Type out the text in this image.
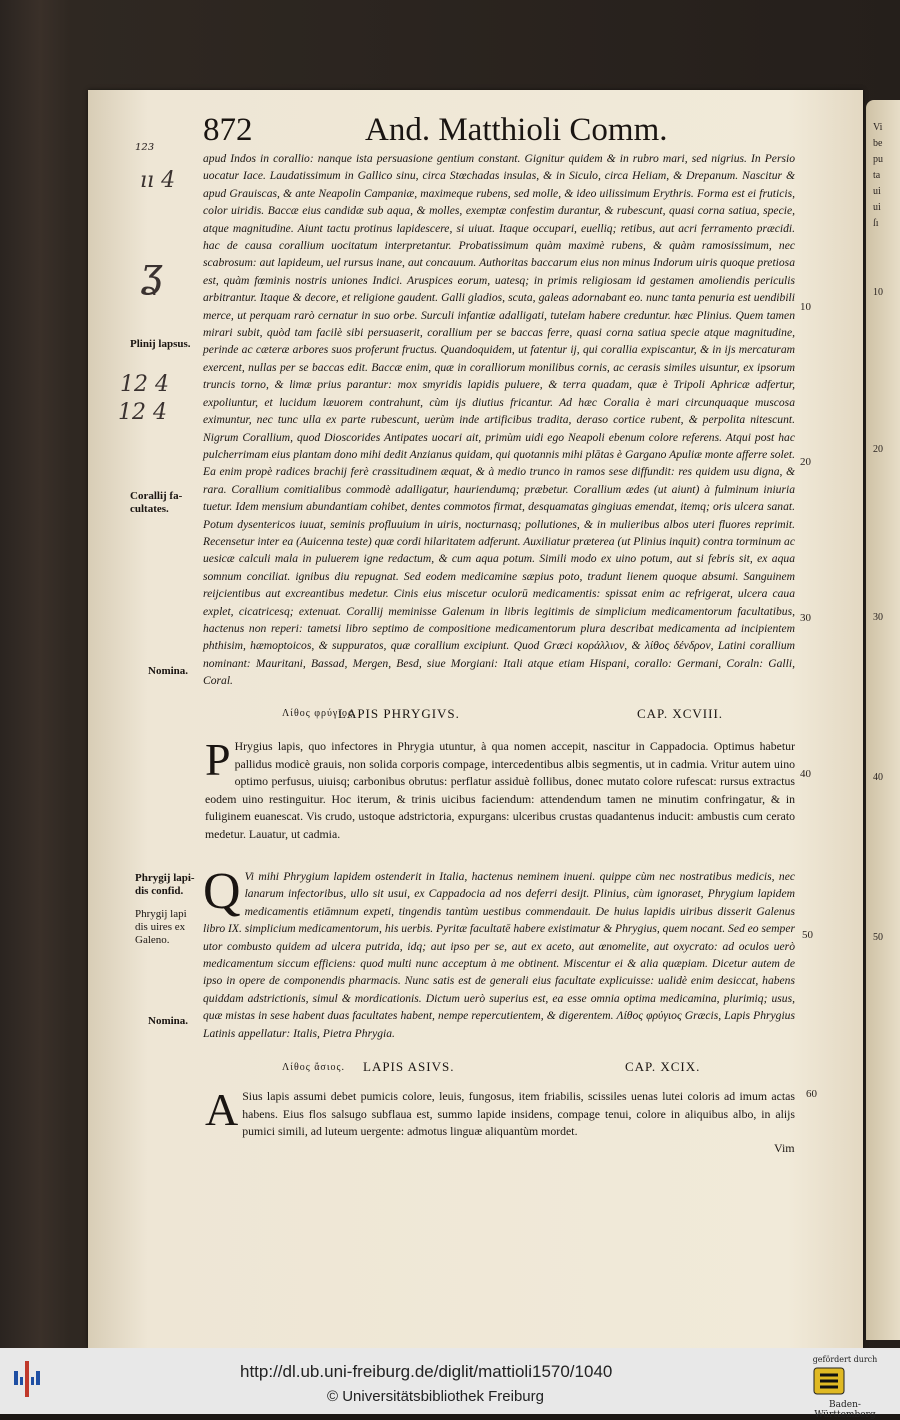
872	And. Matthioli Comm.
¹²³
ıı 4
ʓ
12 4
12 4
Plinij lapsus.
Corallij fa-
cultates.
Nomina.
Phrygij lapi-
dis confid.
Phrygij lapi
dis uires ex
Galeno.
Nomina.
10
20
30
40
50
60

apud Indos in corallio: nanque ista persuasione gentium constant. Gignitur quidem & in rubro mari, sed nigrius. In Persio uocatur Iace. Laudatissimum in Gallico sinu, circa Stœchadas insulas, & in Siculo, circa Heliam, & Drepanum. Nascitur & apud Grauiscas, & ante Neapolin Campaniæ, maximeque rubens, sed molle, & ideo uilissimum Erythris. Forma est ei fruticis, color uiridis. Baccæ eius candidæ sub aqua, & molles, exemptæ confestim durantur, & rubescunt, quasi corna satiua, specie, atque magnitudine. Aiunt tactu protinus lapidescere, si uiuat. Itaque occupari, euelliq; retibus, aut acri ferramento præcidi. hac de causa corallium uocitatum interpretantur. Probatissimum quàm maximè rubens, & quàm ramosissimum, nec scabrosum: aut lapideum, uel rursus inane, aut concauum. Authoritas baccarum eius non minus Indorum uiris quoque pretiosa est, quàm fœminis nostris uniones Indici. Aruspices eorum, uatesq; in primis religiosam id gestamen amoliendis periculis arbitrantur. Itaque & decore, et religione gaudent. Galli gladios, scuta, galeas adornabant eo. nunc tanta penuria est uendibili merce, ut perquam rarò cernatur in suo orbe. Surculi infantiæ adalligati, tutelam habere creduntur. hæc Plinius. Quem tamen mirari subit, quòd tam facilè sibi persuaserit, corallium per se baccas ferre, quasi corna satiua specie atque magnitudine, perinde ac cæteræ arbores suos proferunt fructus. Quandoquidem, ut fatentur ij, qui corallia expiscantur, & in ijs mercaturam exercent, nullas per se baccas edit. Baccæ enim, quæ in coralliorum monilibus cornis, ac cerasis similes uisuntur, ex ipsorum truncis torno, & limæ prius parantur: mox smyridis lapidis puluere, & terra quadam, quæ è Tripoli Aphricæ adfertur, expoliuntur, et lucidum læuorem contrahunt, cùm ijs diutius fricantur. Ad hæc Coralia è mari circunquaque muscosa eximuntur, nec tunc ulla ex parte rubescunt, uerùm inde artificibus tradita, deraso cortice rubent, & perpolita nitescunt. Nigrum Corallium, quod Dioscorides Antipates uocari ait, primùm uidi ego Neapoli ebenum colore referens. Atqui post hac pulcherrimam eius plantam dono mihi dedit Anzianus quidam, qui quotannis mihi plātas è Gargano Apuliæ monte afferre solet. Ea enim propè radices brachij ferè crassitudinem æquat, & à medio trunco in ramos sese diffundit: res quidem usu digna, & rara. Corallium comitialibus commodè adalligatur, hauriendumq; præbetur. Corallium ædes (ut aiunt) à fulminum iniuria tuetur. Idem mensium abundantiam cohibet, dentes commotos firmat, desquamatas gingiuas emendat, itemq; oris ulcera sanat. Potum dysentericos iuuat, seminis profluuium in uiris, nocturnasq; pollutiones, & in mulieribus albos uteri fluores reprimit. Recensetur inter ea (Auicenna teste) quæ cordi hilaritatem adferunt. Auxiliatur præterea (ut Plinius inquit) contra torminum ac uesicæ calculi mala in puluerem igne redactum, & cum aqua potum. Simili modo ex uino potum, aut si febris sit, ex aqua somnum conciliat. ignibus diu repugnat. Sed eodem medicamine sæpius poto, tradunt lienem quoque absumi. Sanguinem reijcientibus aut excreantibus medetur. Cinis eius miscetur oculorū medicamentis: spissat enim ac refrigerat, ulcera caua explet, cicatricesq; extenuat. Corallij meminisse Galenum in libris legitimis de simplicium medicamentorum facultatibus, hactenus non reperi: tametsi libro septimo de compositione medicamentorum plura describat medicamenta ad incipientem phthisim, hæmoptoicos, & suppuratos, quæ corallium excipiunt. Quod Græci κοράλλιον, & λίθος δένδρον, Latini corallium nominant: Mauritani, Bassad, Mergen, Besd, siue Morgiani: Itali atque etiam Hispani, corallo: Germani, Coraln: Galli, Coral.

Λίθος φρύγιος.
LAPIS PHRYGIVS.	CAP. XCVIII.

P Hrygius lapis, quo infectores in Phrygia utuntur, à qua nomen accepit, nascitur in Cappadocia. Optimus habetur pallidus modicè grauis, non solida corporis compage, intercedentibus albis segmentis, ut in cadmia. Vritur autem uino optimo perfusus, uiuisq; carbonibus obrutus: perflatur assiduè follibus, donec mutato colore rufescat: rursus extractus eodem uino restinguitur. Hoc iterum, & trinis uicibus faciendum: attendendum tamen ne minutim confringatur, & in fuliginem euanescat. Vis crudo, ustoque adstrictoria, expurgans: ulceribus crustas quadantenus inducit: ambustis cum cerato medetur. Lauatur, ut cadmia.

Q Vi mihi Phrygium lapidem ostenderit in Italia, hactenus neminem inueni. quippe cùm nec nostratibus medicis, nec lanarum infectoribus, ullo sit usui, ex Cappadocia ad nos deferri desijt. Plinius, cùm ignoraset, Phrygium lapidem medicamentis etiāmnum expeti, tingendis tantùm uestibus commendauit. De huius lapidis uiribus disserit Galenus libro IX. simplicium medicamentorum, his uerbis. Pyritæ facultatē habere existimatur & Phrygius, quem nocant. Sed eo semper utor combusto quidem ad ulcera putrida, idq; aut ipso per se, aut ex aceto, aut œnomelite, aut oxycrato: ad oculos uerò medicamentum siccum efficiens: quod multi nunc acceptum à me obtinent. Miscentur ei & alia quæpiam. Dicetur autem de ipso in opere de componendis pharmacis. Nunc satis est de generali eius facultate explicuisse: ualidè enim desiccat, habens quiddam adstrictionis, simul & mordicationis. Dictum uerò superius est, ea esse omnia optima medicamina, plurimiq; usus, quæ mistas in sese habent duas facultates habent, nempe repercutientem, & digerentem. Λίθος φρύγιος Græcis, Lapis Phrygius Latinis appellatur: Italis, Pietra Phrygia.

Λίθος ἄσιος. LAPIS ASIVS.	CAP. XCIX.

A Sius lapis assumi debet pumicis colore, leuis, fungosus, item friabilis, scissiles uenas lutei coloris ad imum actas habens. Eius flos salsugo subflaua est, summo lapide insidens, compage tenui, colore in aliquibus albo, in alijs pumici simili, ad luteum uergente: admotus linguæ aliquantùm mordet.

Vim
Vi
be
pu
ta
ui
ui
ſı
10
20
30
40
50
http://dl.ub.uni-freiburg.de/diglit/mattioli1570/1040
© Universitätsbibliothek Freiburg
gefördert durch
Baden-Württemberg
